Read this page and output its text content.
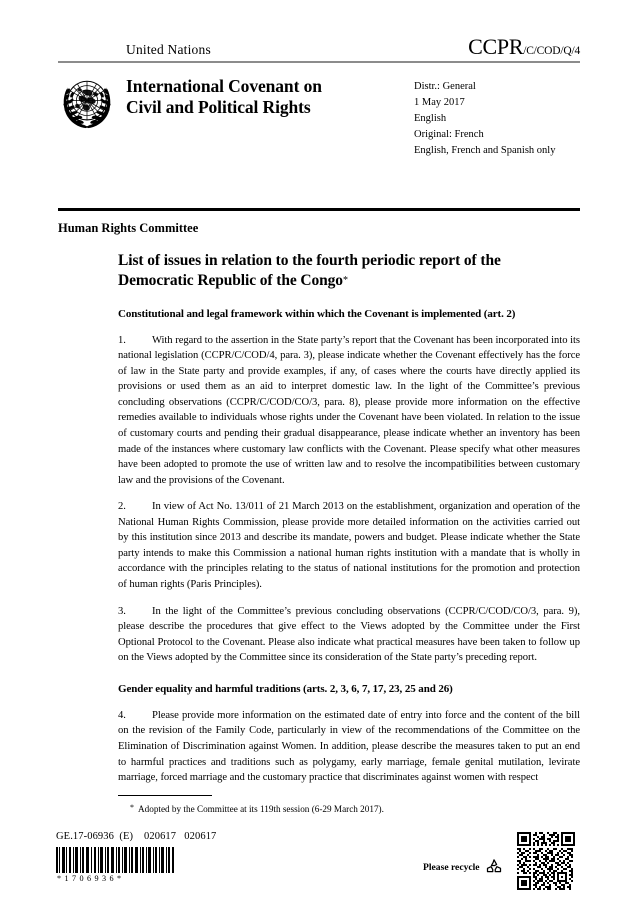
United Nations	CCPR/C/COD/Q/4
International Covenant on
Civil and Political Rights
Distr.: General
1 May 2017
English
Original: French
English, French and Spanish only
Human Rights Committee
List of issues in relation to the fourth periodic report of the
Democratic Republic of the Congo*
Constitutional and legal framework within which the Covenant is implemented (art. 2)

1. With regard to the assertion in the State party’s report that the Covenant has been incorporated into its national legislation (CCPR/C/COD/4, para. 3), please indicate whether the Covenant effectively has the force of law in the State party and provide examples, if any, of cases where the courts have directly applied its provisions or used them as an aid to interpret domestic law. In the light of the Committee’s previous concluding observations (CCPR/C/COD/CO/3, para. 8), please provide more information on the effective remedies available to individuals whose rights under the Covenant have been violated. In relation to the issue of customary courts and pending their gradual disappearance, please indicate whether an inventory has been made of the instances where customary law conflicts with the Covenant. Please specify what other measures have been adopted to promote the use of written law and to resolve the incompatibilities between customary law and the provisions of the Covenant.

2. In view of Act No. 13/011 of 21 March 2013 on the establishment, organization and operation of the National Human Rights Commission, please provide more detailed information on the activities carried out by this institution since 2013 and describe its mandate, powers and budget. Please indicate whether the State party intends to make this Commission a national human rights institution with a mandate that is wholly in accordance with the principles relating to the status of national institutions for the promotion and protection of human rights (Paris Principles).

3. In the light of the Committee’s previous concluding observations (CCPR/C/COD/CO/3, para. 9), please describe the procedures that give effect to the Views adopted by the Committee under the First Optional Protocol to the Covenant. Please also indicate what practical measures have been taken to follow up on the Views adopted by the Committee since its consideration of the State party’s preceding report.

Gender equality and harmful traditions (arts. 2, 3, 6, 7, 17, 23, 25 and 26)

4. Please provide more information on the estimated date of entry into force and the content of the bill on the revision of the Family Code, particularly in view of the recommendations of the Committee on the Elimination of Discrimination against Women. In addition, please describe the measures taken to put an end to harmful practices and traditions such as polygamy, early marriage, female genital mutilation, levirate marriage, forced marriage and the customary practice that discriminates against women with respect

* Adopted by the Committee at its 119th session (6-29 March 2017).
GE.17-06936  (E)    020617   020617
*1706936*
Please recycle
